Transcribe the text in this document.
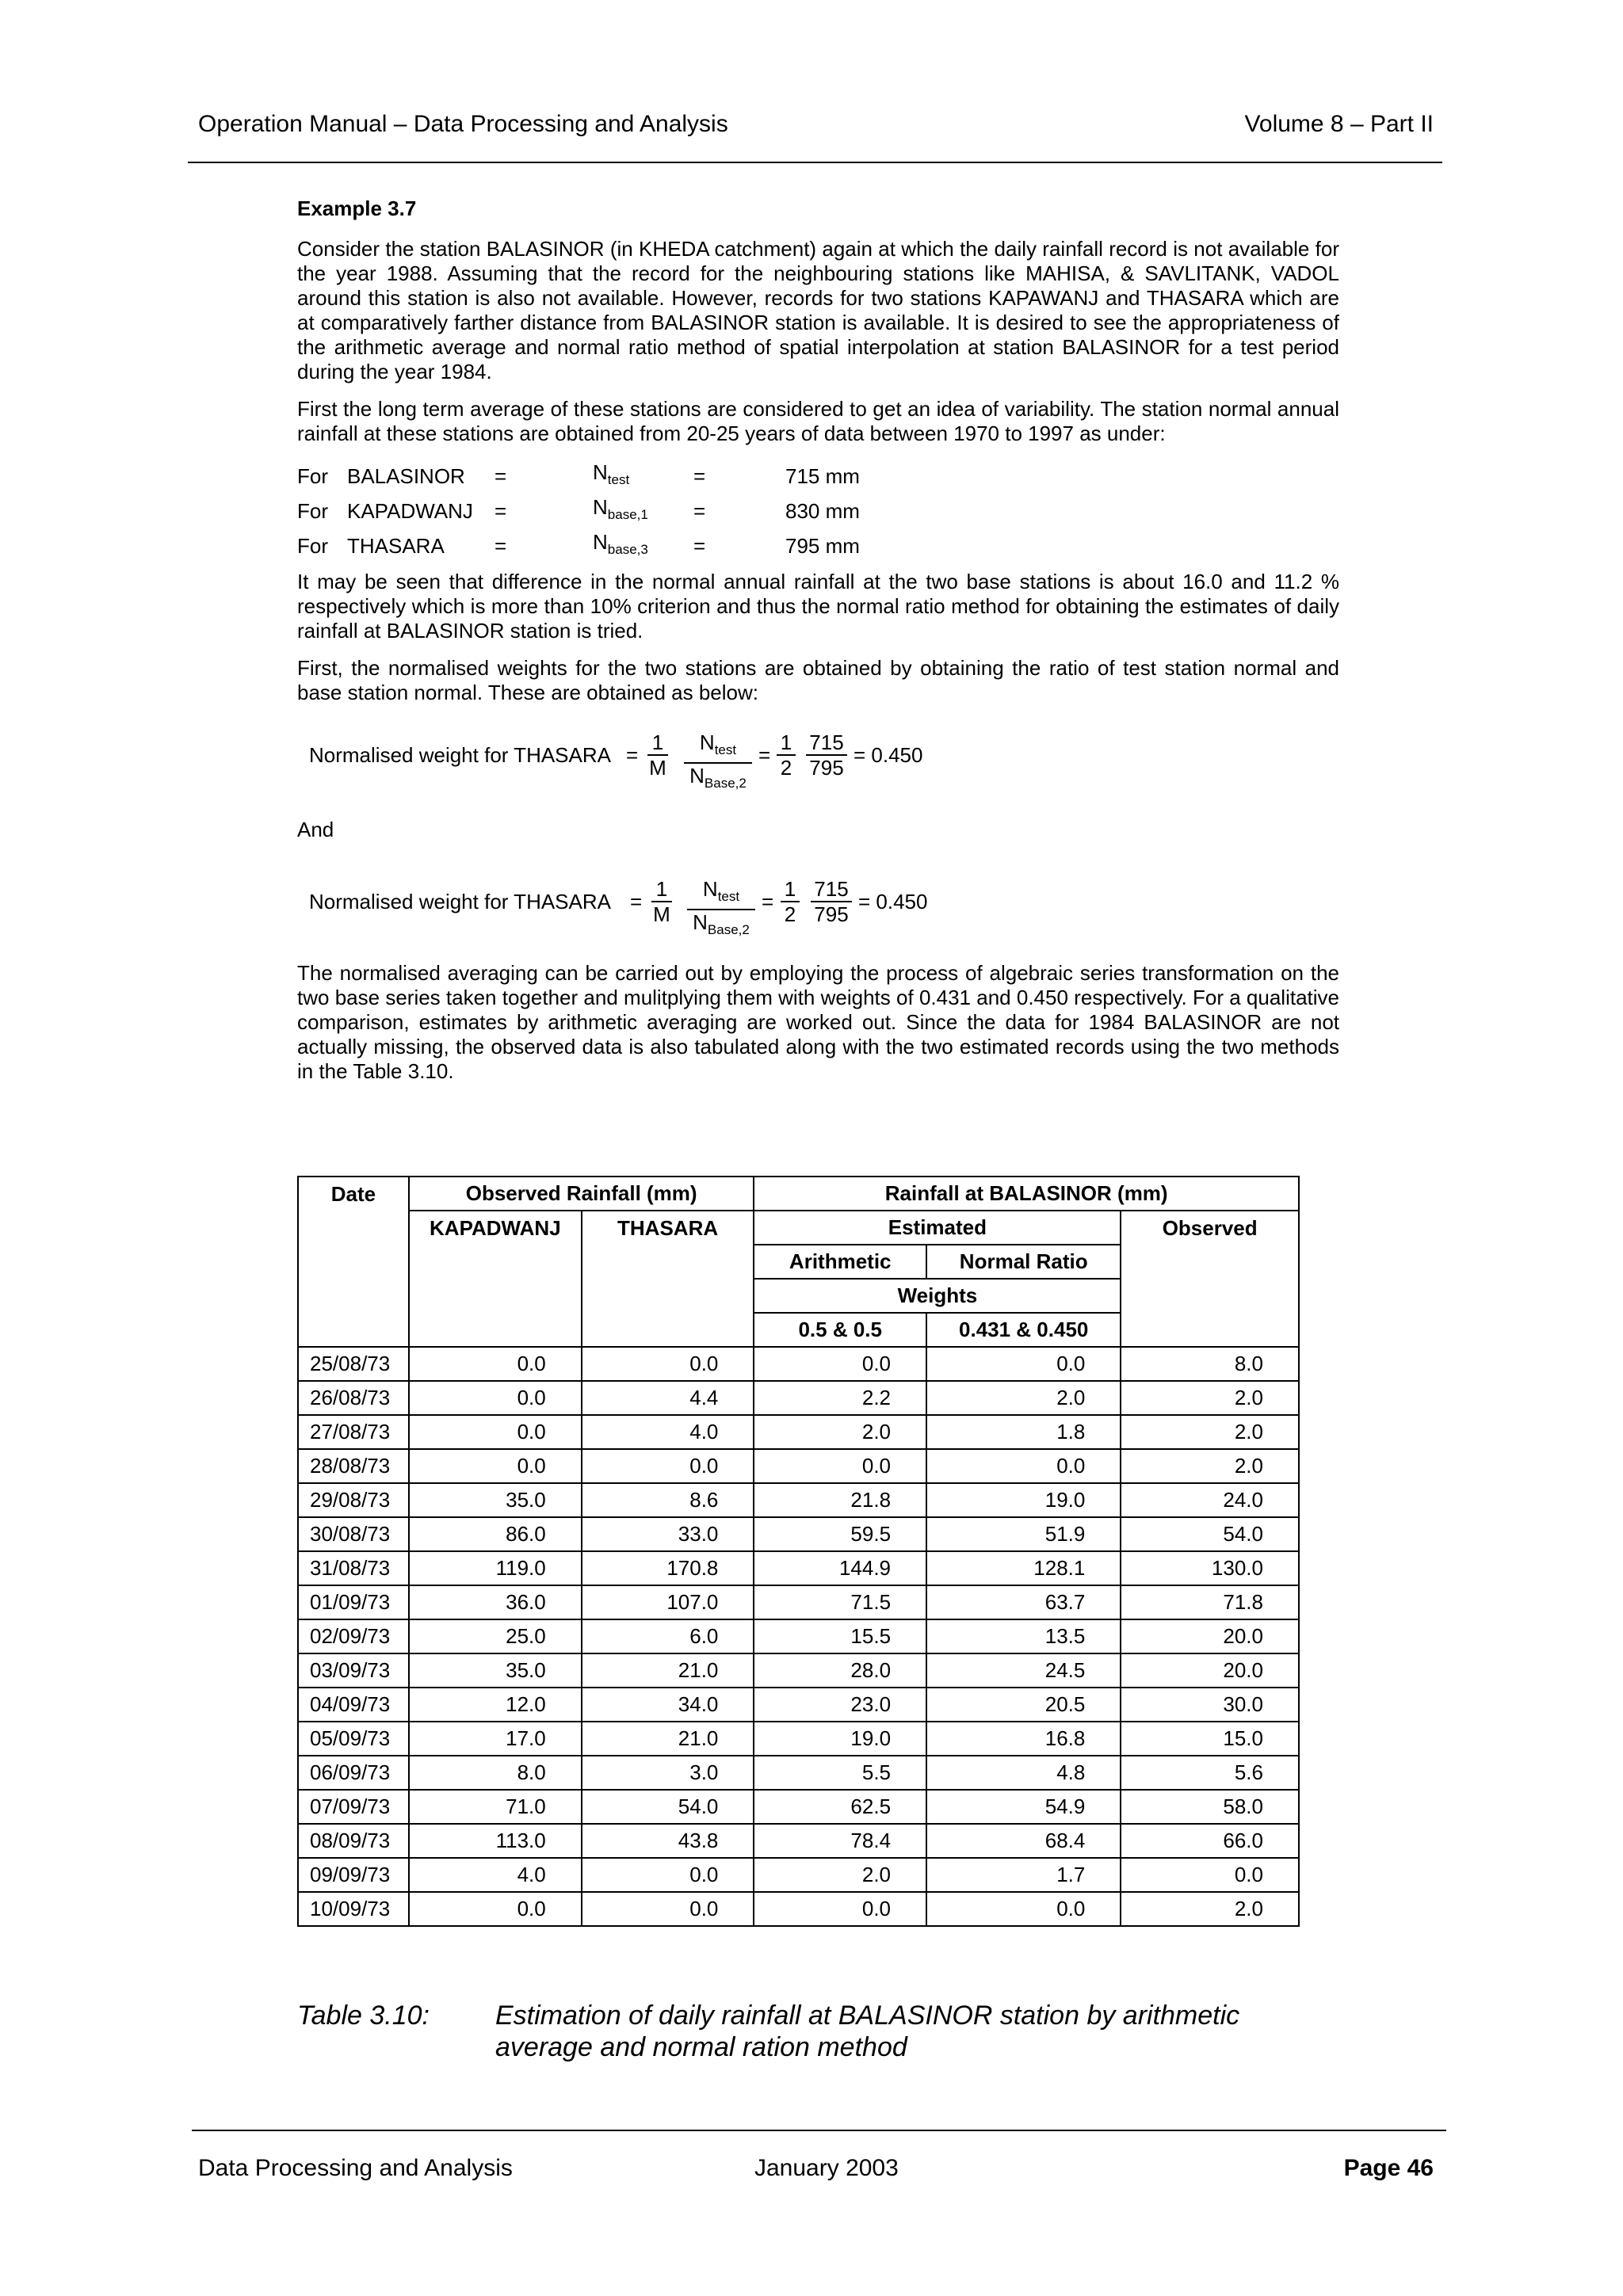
Operation Manual – Data Processing and Analysis	Volume 8 – Part II

Example 3.7

Consider the station BALASINOR (in KHEDA catchment) again at which the daily rainfall record is not available for the year 1988. Assuming that the record for the neighbouring stations like MAHISA, & SAVLITANK, VADOL around this station is also not available. However, records for two stations KAPAWANJ and THASARA which are at comparatively farther distance from BALASINOR station is available. It is desired to see the appropriateness of the arithmetic average and normal ratio method of spatial interpolation at station BALASINOR for a test period during the year 1984.

First the long term average of these stations are considered to get an idea of variability. The station normal annual rainfall at these stations are obtained from 20-25 years of data between 1970 to 1997 as under:

For BALASINOR	=	$N_{test}$	=	715 mm
For KAPADWANJ	=	$N_{base,1}$	=	830 mm
For THASARA	=	$N_{base,3}$	=	795 mm

It may be seen that difference in the normal annual rainfall at the two base stations is about 16.0 and 11.2 % respectively which is more than 10% criterion and thus the normal ratio method for obtaining the estimates of daily rainfall at BALASINOR station is tried.

First, the normalised weights for the two stations are obtained by obtaining the ratio of test station normal and base station normal. These are obtained as below:

Normalised weight for THASARA =
1
M
$N_{test}$
$N_{Base,2}$
=
1
2
715
795
= 0.450

And

Normalised weight for THASARA =
1
M
$N_{test}$
$N_{Base,2}$
=
1
2
715
795
= 0.450

The normalised averaging can be carried out by employing the process of algebraic series transformation on the two base series taken together and mulitplying them with weights of 0.431 and 0.450 respectively. For a qualitative comparison, estimates by arithmetic averaging are worked out. Since the data for 1984 BALASINOR are not actually missing, the observed data is also tabulated along with the two estimated records using the two methods in the Table 3.10.

Date	Observed Rainfall (mm)		Rainfall at BALASINOR (mm)		
	KAPADWANJ	THASARA	Estimated		Observed
			Arithmetic	Normal Ratio	
			Weights		
			0.5 & 0.5	0.431 & 0.450	
25/08/73	0.0	0.0	0.0	0.0	8.0
26/08/73	0.0	4.4	2.2	2.0	2.0
27/08/73	0.0	4.0	2.0	1.8	2.0
28/08/73	0.0	0.0	0.0	0.0	2.0
29/08/73	35.0	8.6	21.8	19.0	24.0
30/08/73	86.0	33.0	59.5	51.9	54.0
31/08/73	119.0	170.8	144.9	128.1	130.0
01/09/73	36.0	107.0	71.5	63.7	71.8
02/09/73	25.0	6.0	15.5	13.5	20.0
03/09/73	35.0	21.0	28.0	24.5	20.0
04/09/73	12.0	34.0	23.0	20.5	30.0
05/09/73	17.0	21.0	19.0	16.8	15.0
06/09/73	8.0	3.0	5.5	4.8	5.6
07/09/73	71.0	54.0	62.5	54.9	58.0
08/09/73	113.0	43.8	78.4	68.4	66.0
09/09/73	4.0	0.0	2.0	1.7	0.0
10/09/73	0.0	0.0	0.0	0.0	2.0
Table 3.10: Estimation of daily rainfall at BALASINOR station by arithmetic average and normal ration method
Data Processing and Analysis	January 2003	Page 46
